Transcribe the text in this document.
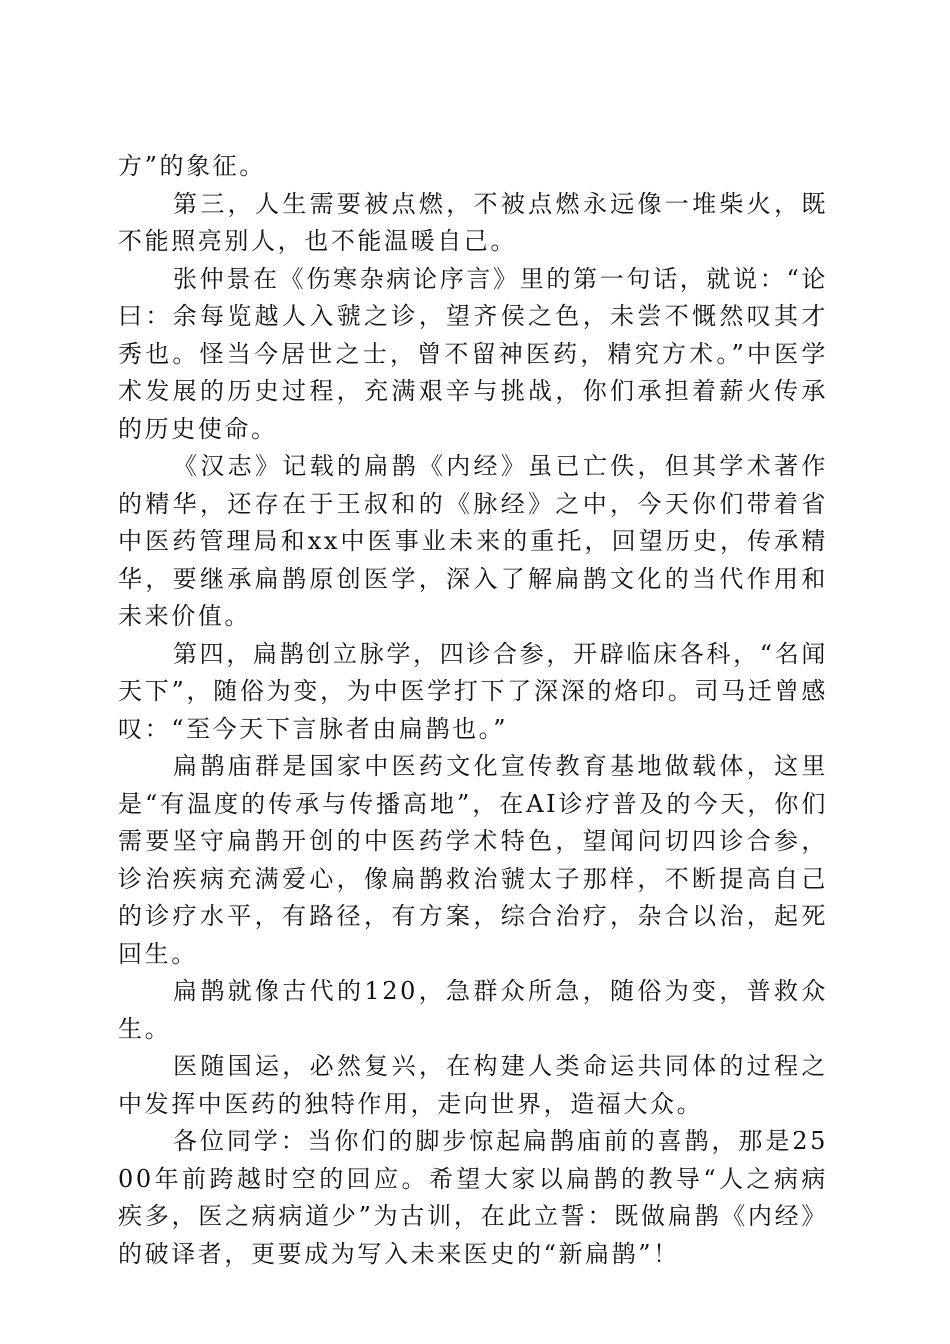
方”的象征。

第三，人生需要被点燃，不被点燃永远像一堆柴火，既不能照亮别人，也不能温暖自己。

张仲景在《伤寒杂病论序言》里的第一句话，就说：“论曰：余每览越人入虢之诊，望齐侯之色，未尝不慨然叹其才秀也。怪当今居世之士，曾不留神医药，精究方术。”中医学术发展的历史过程，充满艰辛与挑战，你们承担着薪火传承的历史使命。

《汉志》记载的扁鹊《内经》虽已亡佚，但其学术著作的精华，还存在于王叔和的《脉经》之中，今天你们带着省中医药管理局和xx中医事业未来的重托，回望历史，传承精华，要继承扁鹊原创医学，深入了解扁鹊文化的当代作用和未来价值。

第四，扁鹊创立脉学，四诊合参，开辟临床各科，“名闻天下”，随俗为变，为中医学打下了深深的烙印。司马迁曾感叹：“至今天下言脉者由扁鹊也。”

扁鹊庙群是国家中医药文化宣传教育基地做载体，这里是“有温度的传承与传播高地”，在AI诊疗普及的今天，你们需要坚守扁鹊开创的中医药学术特色，望闻问切四诊合参，诊治疾病充满爱心，像扁鹊救治虢太子那样，不断提高自己的诊疗水平，有路径，有方案，综合治疗，杂合以治，起死回生。

扁鹊就像古代的120，急群众所急，随俗为变，普救众生。

医随国运，必然复兴，在构建人类命运共同体的过程之中发挥中医药的独特作用，走向世界，造福大众。

各位同学：当你们的脚步惊起扁鹊庙前的喜鹊，那是2500年前跨越时空的回应。希望大家以扁鹊的教导“人之病病疾多，医之病病道少”为古训，在此立誓：既做扁鹊《内经》的破译者，更要成为写入未来医史的“新扁鹊”！
